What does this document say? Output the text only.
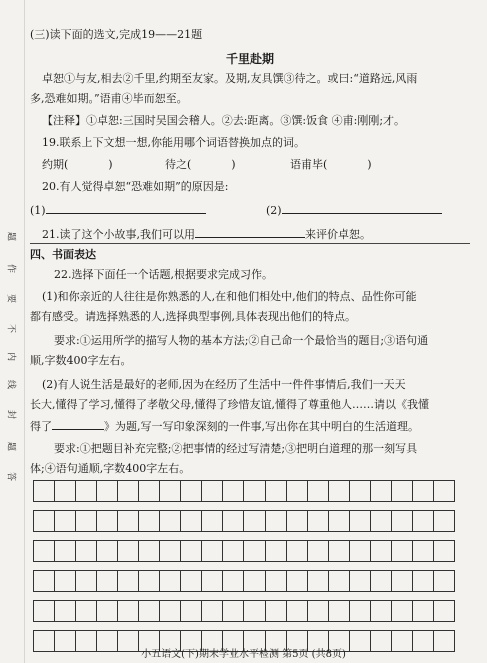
题
作
要
不
内
线
封
题
答
(三)读下面的选文,完成19——21题
千里赴期
卓恕①与友,相去②千里,约期至友家。及期,友具馔③待之。或曰:“道路远,风雨
多,恐难如期。”语甫④毕而恕至。
【注释】①卓恕:三国时吴国会稽人。②去:距离。③馔:饭食 ④甫:刚刚;才。
19.联系上下文想一想,你能用哪个词语替换加点的词。
约期(	)	待之(	)	语甫毕(	)
20.有人觉得卓恕“恐难如期”的原因是:
(1)	(2)
21.读了这个小故事,我们可以用	来评价卓恕。
四、书面表达
22.选择下面任一个话题,根据要求完成习作。
(1)和你亲近的人往往是你熟悉的人,在和他们相处中,他们的特点、品性你可能
都有感受。请选择熟悉的人,选择典型事例,具体表现出他们的特点。
要求:①运用所学的描写人物的基本方法;②自己命一个最恰当的题目;③语句通
顺,字数400字左右。
(2)有人说生活是最好的老师,因为在经历了生活中一件件事情后,我们一天天
长大,懂得了学习,懂得了孝敬父母,懂得了珍惜友谊,懂得了尊重他人……请以《我懂
得了	》为题,写一写印象深刻的一件事,写出你在其中明白的生活道理。
要求:①把题目补充完整;②把事情的经过写清楚;③把明白道理的那一刻写具
体;④语句通顺,字数400字左右。
小五语文(下)期末学业水平检测 第5页 (共8页)
